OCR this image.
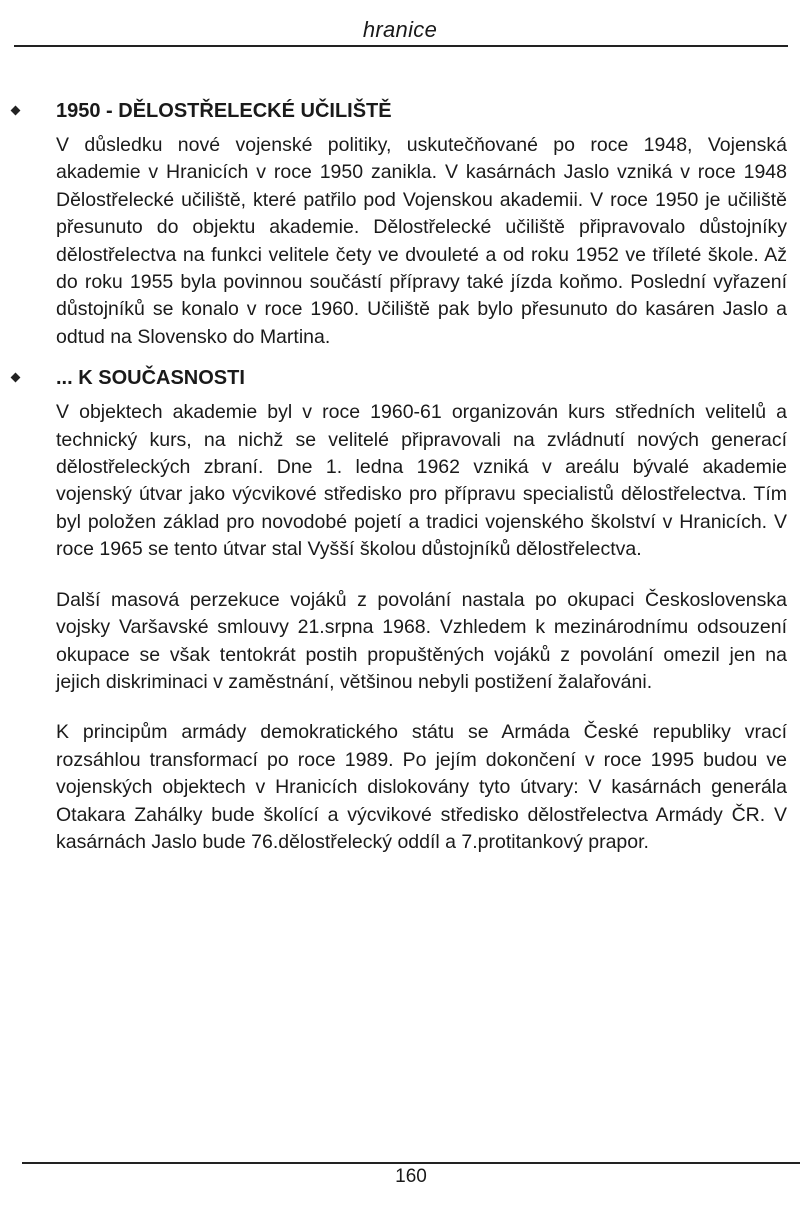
hranice
1950 - DĚLOSTŘELECKÉ UČILIŠTĚ

V důsledku nové vojenské politiky, uskutečňované po roce 1948, Vojenská akademie v Hranicích v roce 1950 zanikla. V kasárnách Jaslo vzniká v roce 1948 Dělostřelecké učiliště, které patřilo pod Vojenskou akademii. V roce 1950 je učiliště přesunuto do objektu akademie. Dělostřelecké učiliště připravovalo důstojníky dělostřelectva na funkci velitele čety ve dvouleté a od roku 1952 ve tříleté škole. Až do roku 1955 byla povinnou součástí přípravy také jízda koňmo. Poslední vyřazení důstojníků se konalo v roce 1960. Učiliště pak bylo přesunuto do kasáren Jaslo a odtud na Slovensko do Martina.

... K SOUČASNOSTI

V objektech akademie byl v roce 1960-61 organizován kurs středních velitelů a technický kurs, na nichž se velitelé připravovali na zvládnutí nových generací dělostřeleckých zbraní. Dne 1. ledna 1962 vzniká v areálu bývalé akademie vojenský útvar jako výcvikové středisko pro přípravu specialistů dělostřelectva. Tím byl položen základ pro novodobé pojetí a tradici vojenského školství v Hranicích. V roce 1965 se tento útvar stal Vyšší školou důstojníků dělostřelectva.

Další masová perzekuce vojáků z povolání nastala po okupaci Československa vojsky Varšavské smlouvy 21.srpna 1968. Vzhledem k mezinárodnímu odsouzení okupace se však tentokrát postih propuštěných vojáků z povolání omezil jen na jejich diskriminaci v zaměstnání, většinou nebyli postižení žalařováni.

K principům armády demokratického státu se Armáda České republiky vrací rozsáhlou transformací po roce 1989. Po jejím dokončení v roce 1995 budou ve vojenských objektech v Hranicích dislokovány tyto útvary: V kasárnách generála Otakara Zahálky bude školící a výcvikové středisko dělostřelectva Armády ČR. V kasárnách Jaslo bude 76.dělostřelecký oddíl a 7.protitankový prapor.

160
